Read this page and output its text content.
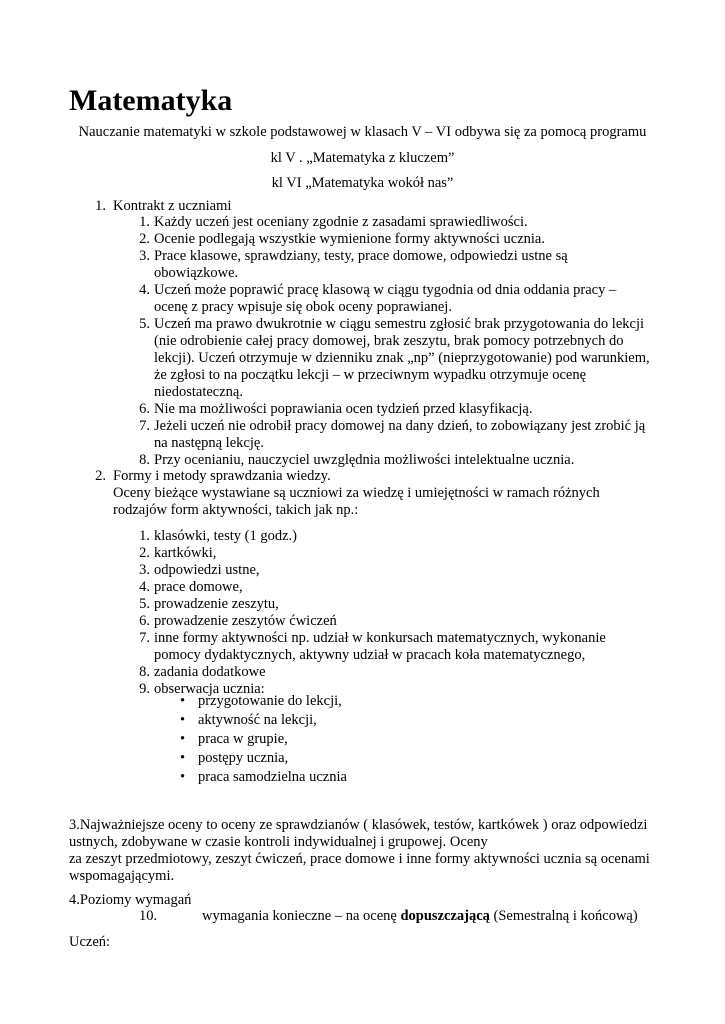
Matematyka
Nauczanie matematyki w szkole podstawowej w klasach V – VI odbywa się za pomocą programu
kl V . „Matematyka z kluczem”
kl VI „Matematyka wokół nas”
1. Kontrakt z uczniami
1. Każdy uczeń jest oceniany zgodnie z zasadami sprawiedliwości.
2. Ocenie podlegają wszystkie wymienione formy aktywności ucznia.
3. Prace klasowe, sprawdziany, testy, prace domowe, odpowiedzi ustne są
obowiązkowe.
4. Uczeń może poprawić pracę klasową w ciągu tygodnia od dnia oddania pracy –
ocenę z pracy wpisuje się obok oceny poprawianej.
5. Uczeń ma prawo dwukrotnie w ciągu semestru zgłosić brak przygotowania do lekcji
(nie odrobienie całej pracy domowej, brak zeszytu, brak pomocy potrzebnych do
lekcji). Uczeń otrzymuje w dzienniku znak „np” (nieprzygotowanie) pod warunkiem,
że zgłosi to na początku lekcji – w przeciwnym wypadku otrzymuje ocenę
niedostateczną.
6. Nie ma możliwości poprawiania ocen tydzień przed klasyfikacją.
7. Jeżeli uczeń nie odrobił pracy domowej na dany dzień, to zobowiązany jest zrobić ją
na następną lekcję.
8. Przy ocenianiu, nauczyciel uwzględnia możliwości intelektualne ucznia.
2. Formy i metody sprawdzania wiedzy.
Oceny bieżące wystawiane są uczniowi za wiedzę i umiejętności w ramach różnych
rodzajów form aktywności, takich jak np.:
1. klasówki, testy (1 godz.)
2. kartkówki,
3. odpowiedzi ustne,
4. prace domowe,
5. prowadzenie zeszytu,
6. prowadzenie zeszytów ćwiczeń
7. inne formy aktywności np. udział w konkursach matematycznych, wykonanie
pomocy dydaktycznych, aktywny udział w pracach koła matematycznego,
8. zadania dodatkowe
9. obserwacja ucznia:
• przygotowanie do lekcji,
• aktywność na lekcji,
• praca w grupie,
• postępy ucznia,
• praca samodzielna ucznia
3.Najważniejsze oceny to oceny ze sprawdzianów ( klasówek, testów, kartkówek ) oraz odpowiedzi
ustnych, zdobywane w czasie kontroli indywidualnej i grupowej. Oceny
za zeszyt przedmiotowy, zeszyt ćwiczeń, prace domowe i inne formy aktywności ucznia są ocenami
wspomagającymi.
4.Poziomy wymagań
10.	wymagania konieczne – na ocenę dopuszczającą (Semestralną i końcową)
Uczeń:
